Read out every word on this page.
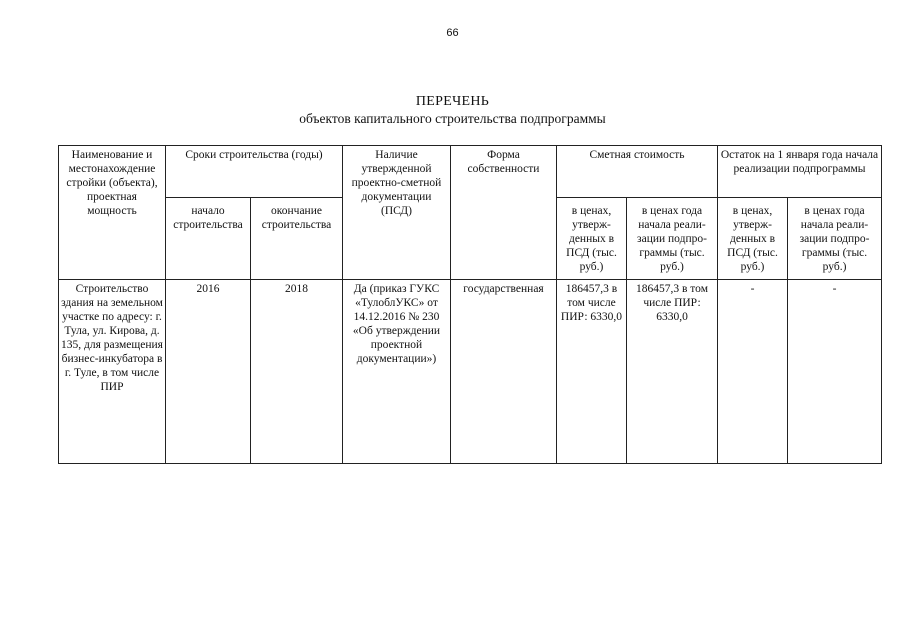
66
ПЕРЕЧЕНЬ
объектов капитального строительства подпрограммы
Наименование и местонахождение стройки (объекта), проектная мощность	Сроки строительства (годы)		Наличие утвержденной проектно-сметной документации (ПСД)	Форма собственности	Сметная стоимость		Остаток на 1 января года начала реализации подпрограммы	

	начало строительства	окончание строительства			в ценах, утверж-денных в ПСД (тыс. руб.)	в ценах года начала реали-зации подпро-граммы (тыс. руб.)	в ценах, утверж-денных в ПСД (тыс. руб.)	в ценах года начала реали-зации подпро-граммы (тыс. руб.)

Строительство здания на земельном участке по адресу: г. Тула, ул. Кирова, д. 135, для размещения бизнес-инкубатора в г. Туле, в том числе ПИР	2016	2018	Да (приказ ГУКС «ТулоблУКС» от 14.12.2016 № 230 «Об утверждении проектной документации»)	государственная	186457,3 в том числе ПИР: 6330,0	186457,3 в том числе ПИР: 6330,0	-	-
